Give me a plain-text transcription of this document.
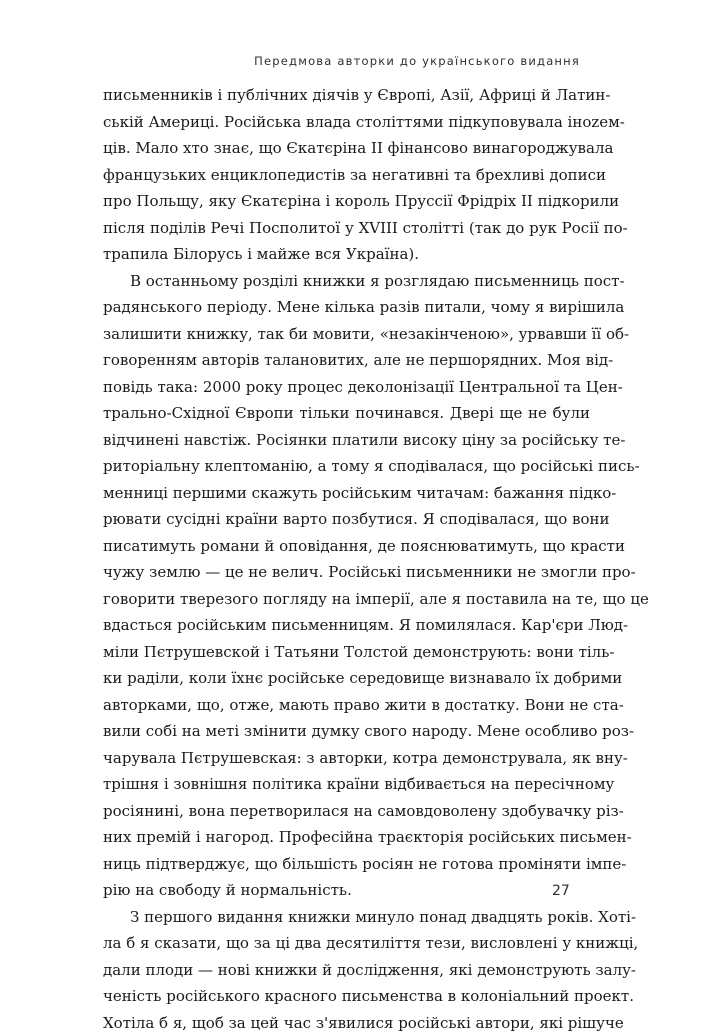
Передмова авторки до українського видання
письменників і публічних діячів у Європі, Азії, Африці й Латин-
ській Америці. Російська влада століттями підкуповувала іноzем-
ців. Мало хто знає, що Єкатєріна ІІ фінансово винагороджувала
французьких енциклопедистів за негативні та брехливі дописи
про Польщу, яку Єкатєріна і король Пруссії Фрідріх ІІ підкорили
після поділів Речі Посполитої у XVIII столітті (так до рук Росії по-
трапила Білорусь і майже вся Україна).
В останньому розділі книжки я розглядаю письменниць пост-
радянського періоду. Мене кілька разів питали, чому я вирішила
залишити книжку, так би мовити, «незакінченою», урвавши її об-
говоренням авторів талановитих, але не першорядних. Моя від-
повідь така: 2000 року процес деколонізації Центральної та Цен-
трально-Східної Європи тільки починався. Двері ще не були
відчинені навстіж. Росіянки платили високу ціну за російську те-
риторіальну клептоманію, а тому я сподівалася, що російські пись-
менниці першими скажуть російським читачам: бажання підко-
рювати сусідні країни варто позбутися. Я сподівалася, що вони
писатимуть романи й оповідання, де пояснюватимуть, що красти
чужу землю — це не велич. Російські письменники не змогли про-
говорити тверезого погляду на імперії, але я поставила на те, що це
вдасться російським письменницям. Я помилялася. Кар'єри Люд-
міли Пєтрушевской і Татьяни Толстой демонструють: вони тіль-
ки раділи, коли їхнє російське середовище визнавало їх добрими
авторками, що, отже, мають право жити в достатку. Вони не ста-
вили собі на меті змінити думку свого народу. Мене особливо роз-
чарувала Пєтрушевская: з авторки, котра демонструвала, як вну-
трішня і зовнішня політика країни відбивається на пересічному
росіянині, вона перетворилася на самовдоволену здобувачку різ-
них премій і нагород. Професійна траєкторія російських письмен-
ниць підтверджує, що більшість росіян не готова проміняти імпе-
рію на свободу й нормальність.
З першого видання книжки минуло понад двадцять років. Хоті-
ла б я сказати, що за ці два десятиліття тези, висловлені у книжці,
дали плоди — нові книжки й дослідження, які демонструють залу-
ченість російського красного письменства в колоніальний проект.
Хотіла б я, щоб за цей час з'явилися російські автори, які рішуче
27
